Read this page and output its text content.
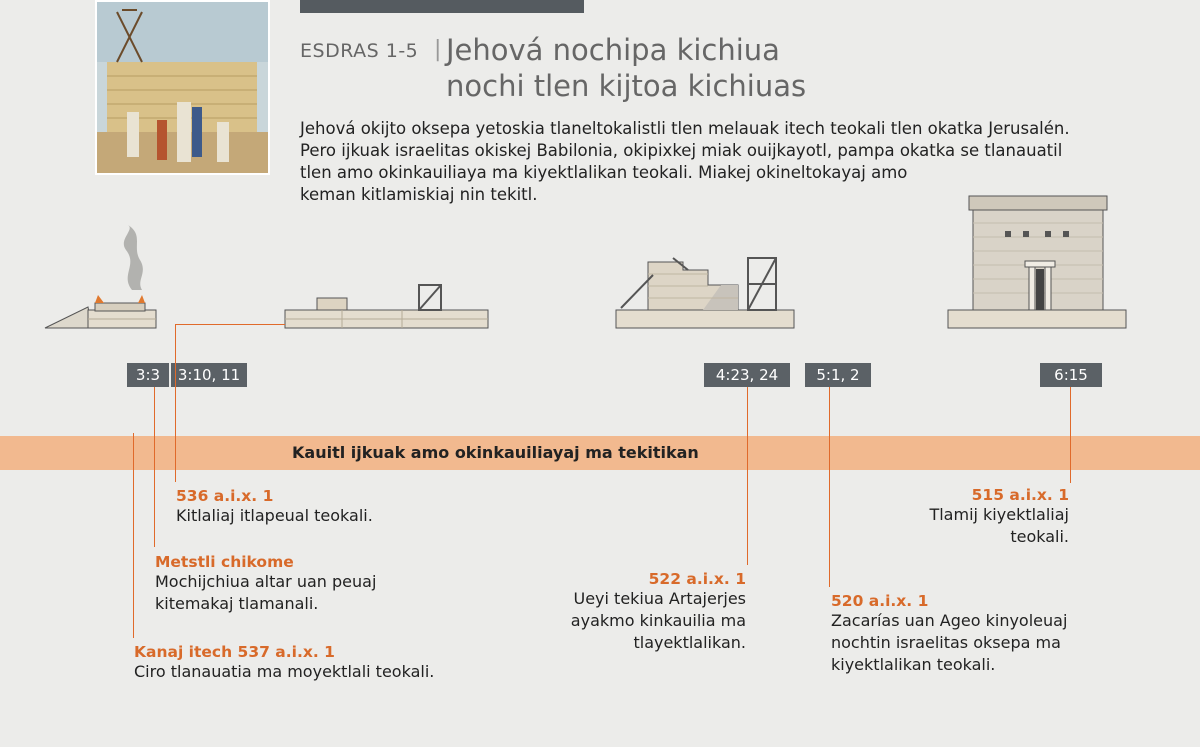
ESDRAS 1-5 | Jehová nochipa kichiua
nochi tlen kijtoa kichiuas
Jehová okijto oksepa yetoskia tlaneltokalistli tlen melauak itech teokali tlen okatka Jerusalén.
Pero ijkuak israelitas okiskej Babilonia, okipixkej miak ouijkayotl, pampa okatka se tlanauatil
tlen amo okinkauiliaya ma kiyektlalikan teokali. Miakej okineltokayaj amo
keman kitlamiskiaj nin tekitl.
3:3	3:10, 11	4:23, 24	5:1, 2	6:15
Kauitl ijkuak amo okinkauiliayaj ma tekitikan
536 a.i.x. 1
Kitlaliaj itlapeual teokali.
Metstli chikome
Mochijchiua altar uan peuaj
kitemakaj tlamanali.
Kanaj itech 537 a.i.x. 1
Ciro tlanauatia ma moyektlali teokali.
522 a.i.x. 1
Ueyi tekiua Artajerjes
ayakmo kinkauilia ma
tlayektlalikan.
520 a.i.x. 1
Zacarías uan Ageo kinyoleuaj
nochtin israelitas oksepa ma
kiyektlalikan teokali.
515 a.i.x. 1
Tlamij kiyektlaliaj
teokali.
